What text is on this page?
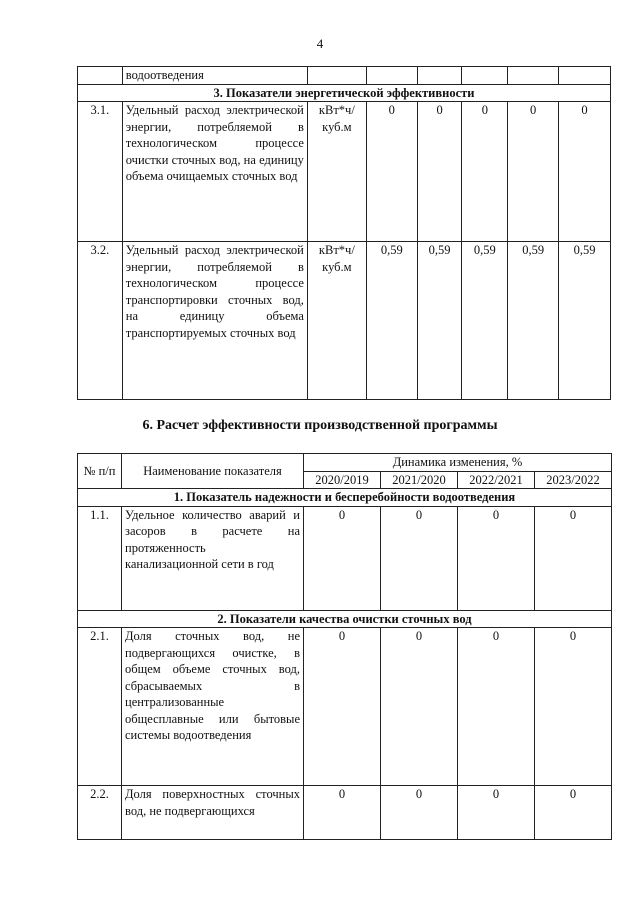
4
	водоотведения						
3. Показатели энергетической эффективности							
3.1.	Удельный расход электрической энергии, потребляемой в технологическом процессе очистки сточных вод, на единицу объема очищаемых сточных вод	кВт*ч/ куб.м	0	0	0	0	0
3.2.	Удельный расход электрической энергии, потребляемой в технологическом процессе транспортировки сточных вод, на единицу объема транспортируемых сточных вод	кВт*ч/ куб.м	0,59	0,59	0,59	0,59	0,59
6. Расчет эффективности производственной программы
№ п/п	Наименование показателя	Динамика изменения, %			
		2020/2019	2021/2020	2022/2021	2023/2022
1. Показатель надежности и бесперебойности водоотведения					
1.1.	Удельное количество аварий и засоров в расчете на протяженность канализационной сети в год	0	0	0	0
2. Показатели качества очистки сточных вод					
2.1.	Доля сточных вод, не подвергающихся очистке, в общем объеме сточных вод, сбрасываемых в централизованные общесплавные или бытовые системы водоотведения	0	0	0	0
2.2.	Доля поверхностных сточных вод, не подвергающихся	0	0	0	0
